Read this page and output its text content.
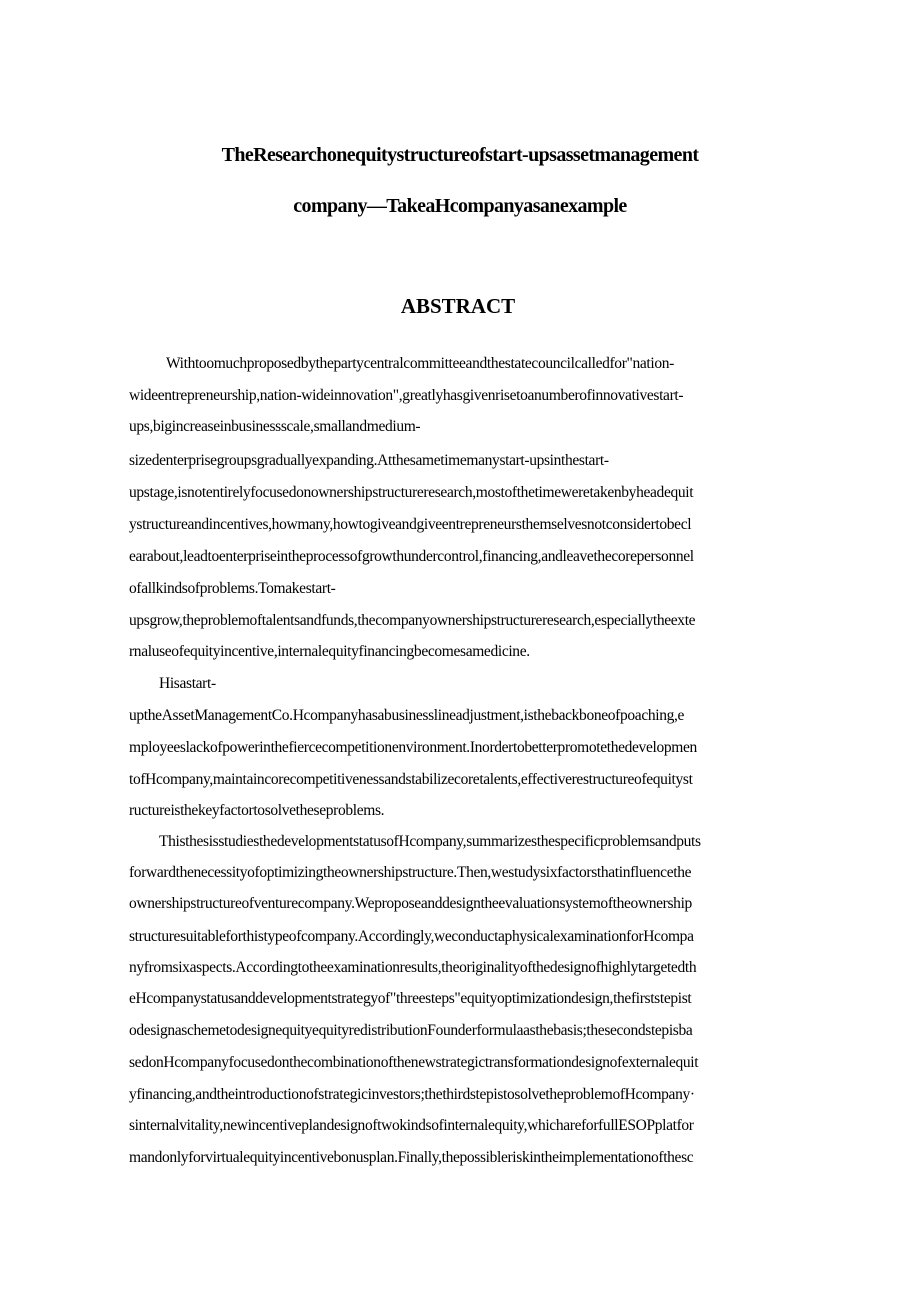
TheResearchonequitystructureofstart-upsassetmanagement
company—TakeaHcompanyasanexample
ABSTRACT
Withtoomuchproposedbythepartycentralcommitteeandthestatecouncilcalledfor"nation-
wideentrepreneurship,nation-wideinnovation",greatlyhasgivenrisetoanumberofinnovativestart-
ups,bigincreaseinbusinessscale,smallandmedium-
sizedenterprisegroupsgraduallyexpanding.Atthesametimemanystart-upsinthestart-
upstage,isnotentirelyfocusedonownershipstructureresearch,mostofthetimeweretakenbyheadequit
ystructureandincentives,howmany,howtogiveandgiveentrepreneursthemselvesnotconsidertobecl
earabout,leadtoenterpriseintheprocessofgrowthundercontrol,financing,andleavethecorepersonnel
ofallkindsofproblems.Tomakestart-
upsgrow,theproblemoftalentsandfunds,thecompanyownershipstructureresearch,especiallytheexte
rnaluseofequityincentive,internalequityfinancingbecomesamedicine.
Hisastart-
uptheAssetManagementCo.Hcompanyhasabusinesslineadjustment,isthebackboneofpoaching,e
mployeeslackofpowerinthefiercecompetitionenvironment.Inordertobetterpromotethedevelopmen
tofHcompany,maintaincorecompetitivenessandstabilizecoretalents,effectiverestructureofequityst
ructureisthekeyfactortosolvetheseproblems.
ThisthesisstudiesthedevelopmentstatusofHcompany,summarizesthespecificproblemsandputs
forwardthenecessityofoptimizingtheownershipstructure.Then,westudysixfactorsthatinfluencethe
ownershipstructureofventurecompany.Weproposeanddesigntheevaluationsystemoftheownership
structuresuitableforthistypeofcompany.Accordingly,weconductaphysicalexaminationforHcompa
nyfromsixaspects.Accordingtotheexaminationresults,theoriginalityofthedesignofhighlytargetedth
eHcompanystatusanddevelopmentstrategyof"threesteps"equityoptimizationdesign,thefirststepist
odesignaschemetodesignequityequityredistributionFounderformulaasthebasis;thesecondstepisba
sedonHcompanyfocusedonthecombinationofthenewstrategictransformationdesignofexternalequit
yfinancing,andtheintroductionofstrategicinvestors;thethirdstepistosolvetheproblemofHcompany·
sinternalvitality,newincentiveplandesignoftwokindsofinternalequity,whichareforfullESOPplatfor
mandonlyforvirtualequityincentivebonusplan.Finally,thepossibleriskintheimplementationofthesc
